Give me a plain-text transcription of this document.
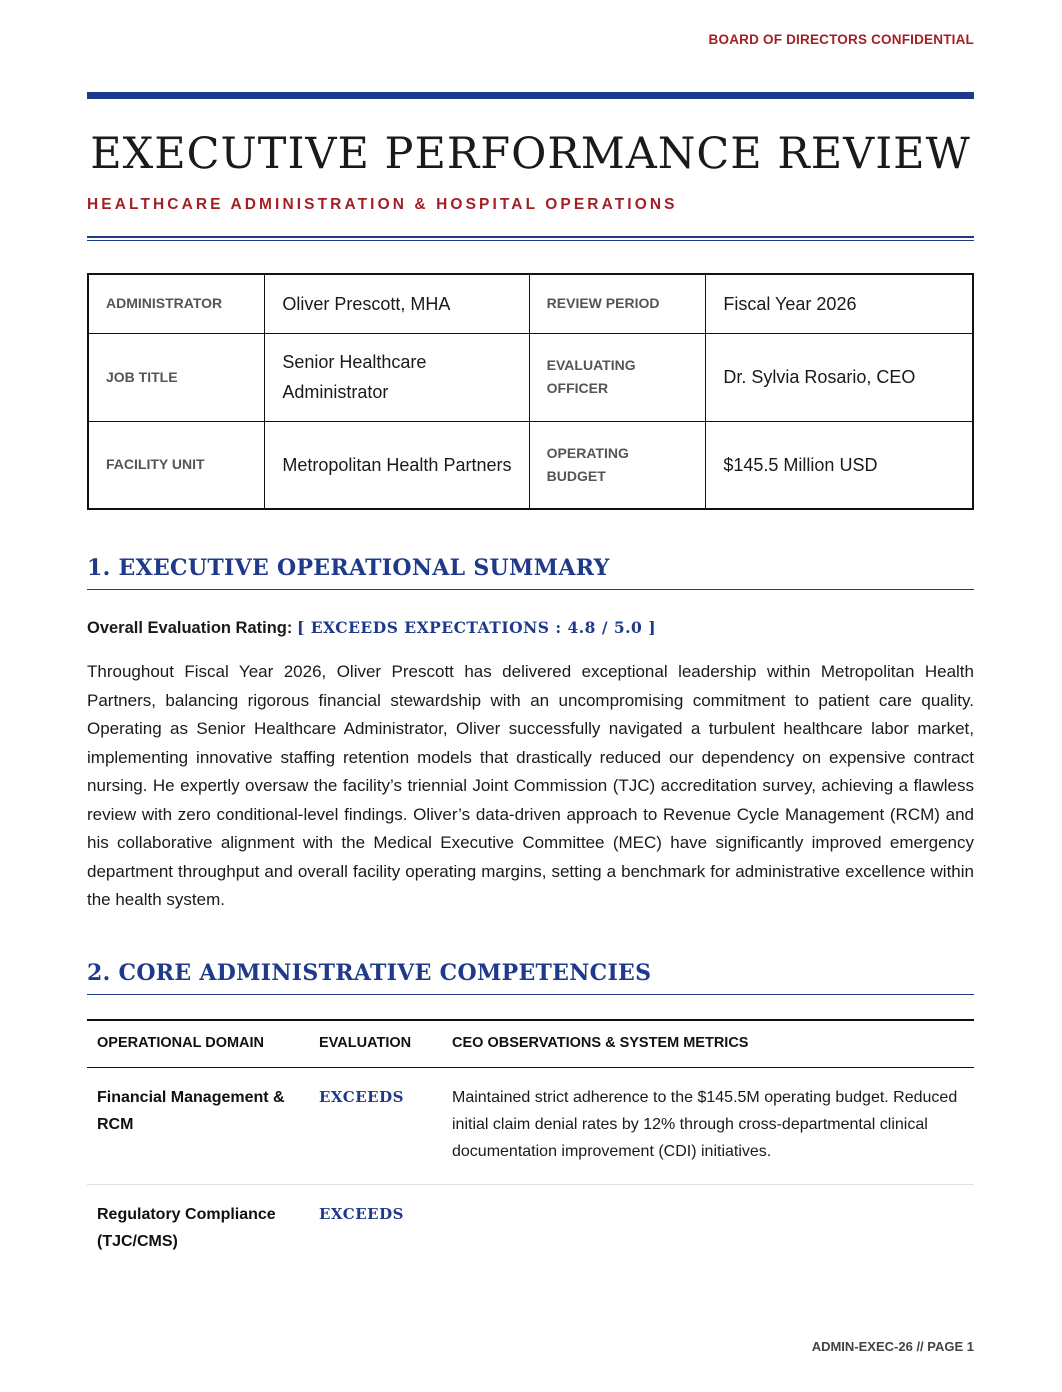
BOARD OF DIRECTORS CONFIDENTIAL
EXECUTIVE PERFORMANCE REVIEW
HEALTHCARE ADMINISTRATION & HOSPITAL OPERATIONS
ADMINISTRATOR	Oliver Prescott, MHA	REVIEW PERIOD	Fiscal Year 2026
JOB TITLE	Senior Healthcare Administrator	EVALUATING OFFICER	Dr. Sylvia Rosario, CEO
FACILITY UNIT	Metropolitan Health Partners	OPERATING BUDGET	$145.5 Million USD
1. EXECUTIVE OPERATIONAL SUMMARY
Overall Evaluation Rating: [ EXCEEDS EXPECTATIONS : 4.8 / 5.0 ]

Throughout Fiscal Year 2026, Oliver Prescott has delivered exceptional leadership within Metropolitan Health Partners, balancing rigorous financial stewardship with an uncompromising commitment to patient care quality. Operating as Senior Healthcare Administrator, Oliver successfully navigated a turbulent healthcare labor market, implementing innovative staffing retention models that drastically reduced our dependency on expensive contract nursing. He expertly oversaw the facility’s triennial Joint Commission (TJC) accreditation survey, achieving a flawless review with zero conditional-level findings. Oliver’s data-driven approach to Revenue Cycle Management (RCM) and his collaborative alignment with the Medical Executive Committee (MEC) have significantly improved emergency department throughput and overall facility operating margins, setting a benchmark for administrative excellence within the health system.

2. CORE ADMINISTRATIVE COMPETENCIES
OPERATIONAL DOMAIN	EVALUATION	CEO OBSERVATIONS & SYSTEM METRICS
Financial Management & RCM	EXCEEDS	Maintained strict adherence to the $145.5M operating budget. Reduced initial claim denial rates by 12% through cross-departmental clinical documentation improvement (CDI) initiatives.
Regulatory Compliance (TJC/CMS)	EXCEEDS	
ADMIN-EXEC-26 // PAGE 1
